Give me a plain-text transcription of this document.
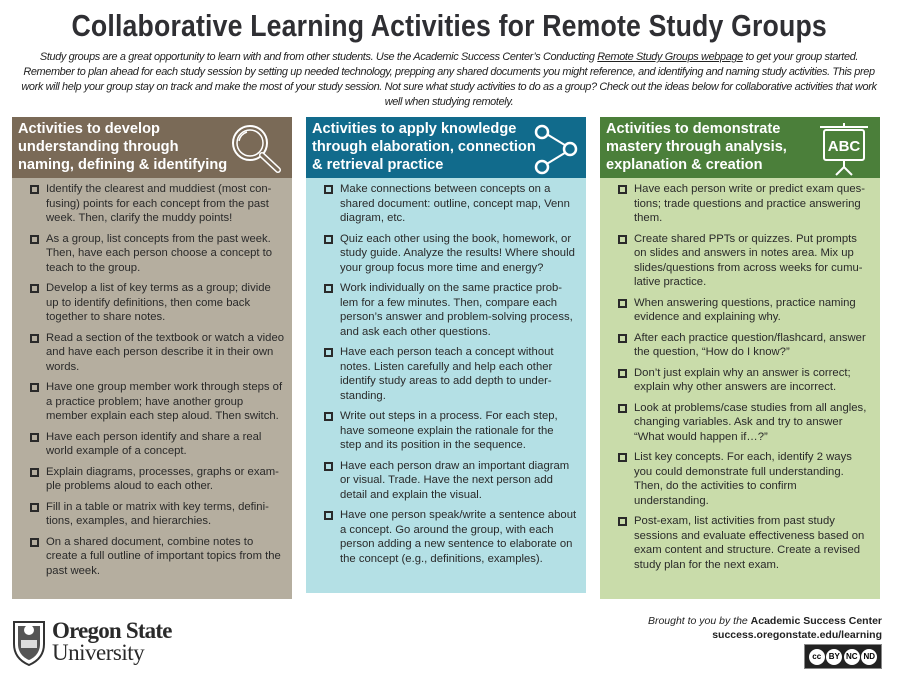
Collaborative Learning Activities for Remote Study Groups

Study groups are a great opportunity to learn with and from other students. Use the Academic Success Center’s Conducting Remote Study Groups webpage to get your group started. Remember to plan ahead for each study session by setting up needed technology, prepping any shared documents you might reference, and identifying and naming study activities. This prep work will help your group stay on track and make the most of your study session. Not sure what study activities to do as a group? Check out the ideas below for collaborative activities that work well when studying remotely.

Activities to develop understanding through naming, defining & identifying
Identify the clearest and muddiest (most con-fusing) points for each concept from the past week. Then, clarify the muddy points!
As a group, list concepts from the past week. Then, have each person choose a concept to teach to the group.
Develop a list of key terms as a group; divide up to identify definitions, then come back together to share notes.
Read a section of the textbook or watch a video and have each person describe it in their own words.
Have one group member work through steps of a practice problem; have another group member explain each step aloud. Then switch.
Have each person identify and share a real world example of a concept.
Explain diagrams, processes, graphs or exam-ple problems aloud to each other.
Fill in a table or matrix with key terms, defini-tions, examples, and hierarchies.
On a shared document, combine notes to create a full outline of important topics from the past week.
Activities to apply knowledge through elaboration, connection & retrieval practice
Make connections between concepts on a shared document: outline, concept map, Venn diagram, etc.
Quiz each other using the book, homework, or study guide. Analyze the results! Where should your group focus more time and energy?
Work individually on the same practice prob-lem for a few minutes. Then, compare each person’s answer and problem-solving process, and ask each other questions.
Have each person teach a concept without notes. Listen carefully and help each other identify study areas to add depth to under-standing.
Write out steps in a process. For each step, have someone explain the rationale for the step and its position in the sequence.
Have each person draw an important diagram or visual. Trade. Have the next person add detail and explain the visual.
Have one person speak/write a sentence about a concept. Go around the group, with each person adding a new sentence to elaborate on the concept (e.g., definitions, examples).
Activities to demonstrate mastery through analysis, explanation & creation
ABC
Have each person write or predict exam ques-tions; trade questions and practice answering them.
Create shared PPTs or quizzes. Put prompts on slides and answers in notes area. Mix up slides/questions from across weeks for cumu-lative practice.
When answering questions, practice naming evidence and explaining why.
After each practice question/flashcard, answer the question, “How do I know?”
Don’t just explain why an answer is correct; explain why other answers are incorrect.
Look at problems/case studies from all angles, changing variables. Ask and try to answer “What would happen if…?”
List key concepts. For each, identify 2 ways you could demonstrate full understanding. Then, do the activities to confirm understanding.
Post-exam, list activities from past study sessions and evaluate effectiveness based on exam content and structure. Create a revised study plan for the next exam.
Oregon State
University
Brought to you by the Academic Success Center
success.oregonstate.edu/learning
cc BY NC ND
